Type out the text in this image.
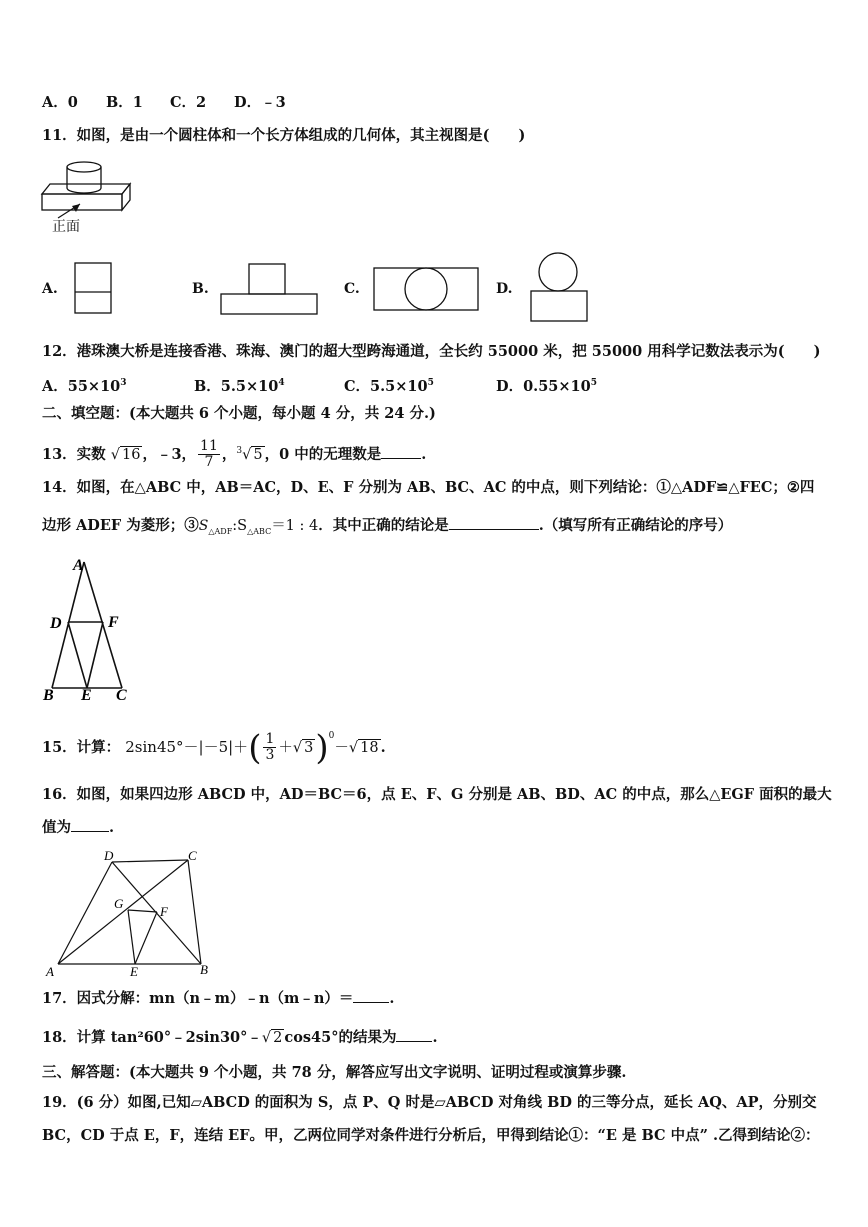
A．0 B．1 C．2 D．﹣3
11．如图，是由一个圆柱体和一个长方体组成的几何体，其主视图是(　　)
正面
A.	B.	C.	D.
12．港珠澳大桥是连接香港、珠海、澳门的超大型跨海通道，全长约 55000 米，把 55000 用科学记数法表示为(　　)
A．$55\times 10^3$	B．$5.5\times 10^4$	C．$5.5\times 10^5$	D．$0.55\times 10^5$
二、填空题：(本大题共 6 个小题，每小题 4 分，共 24 分.)
13．实数 √ 16 ，﹣3， $\frac{11}{7}$ ，$^3$√ 5 ，0 中的无理数是	.
14．如图，在△ABC 中，AB＝AC，D、E、F 分别为 AB、BC、AC 的中点，则下列结论：①△ADF≌△FEC；②四
边形 ADEF 为菱形；$③S_{\triangle ADF}:S_{\triangle ABC}=1$ : 4．其中正确的结论是	.（填写所有正确结论的序号）
A
D	F
B E C
15．计算： $2\sin 45^\circ-|-5|+( \frac{1}{3}$ ＋√ 3)$^0$－√ 18 .
16．如图，如果四边形 ABCD 中，AD＝BC＝6，点 E、F、G 分别是 AB、BD、AC 的中点，那么△EGF 面积的最大
值为	.
D	C
G
F
A	E	B
17．因式分解：mn（n﹣m）﹣n（m﹣n）＝ .
18．计算 tan²60°﹣2sin30°﹣√ 2 cos45°的结果为 .
三、解答题：(本大题共 9 个小题，共 78 分，解答应写出文字说明、证明过程或演算步骤.
19．(6 分）如图,已知▱ABCD 的面积为 S，点 P、Q 时是▱ABCD 对角线 BD 的三等分点，延长 AQ、AP，分别交
BC，CD 于点 E，F，连结 EF。甲，乙两位同学对条件进行分析后，甲得到结论①：“E 是 BC 中点” .乙得到结论②：
